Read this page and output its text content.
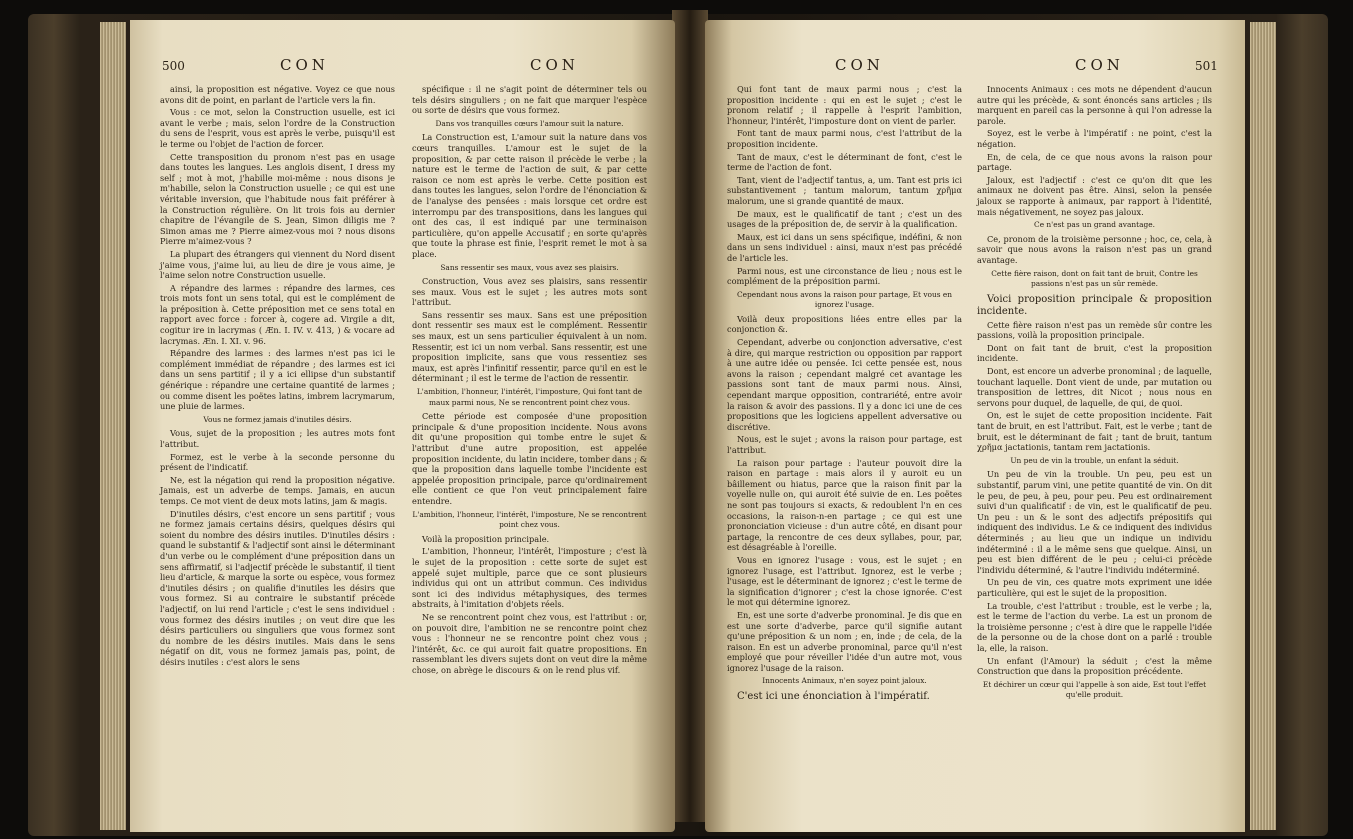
500	CON	CON

ainsi, la proposition est négative. Voyez ce que nous avons dit de point, en parlant de l'article vers la fin.

Vous : ce mot, selon la Construction usuelle, est ici avant le verbe ; mais, selon l'ordre de la Construction du sens de l'esprit, vous est après le verbe, puisqu'il est le terme ou l'objet de l'action de forcer.

Cette transposition du pronom n'est pas en usage dans toutes les langues. Les anglois disent, I dress my self ; mot à mot, j'habille moi-même : nous disons je m'habille, selon la Construction usuelle ; ce qui est une véritable inversion, que l'habitude nous fait préférer à la Construction régulière. On lit trois fois au dernier chapitre de l'évangile de S. Jean, Simon diligis me ? Simon amas me ? Pierre aimez-vous moi ? nous disons Pierre m'aimez-vous ?

La plupart des étrangers qui viennent du Nord disent j'aime vous, j'aime lui, au lieu de dire je vous aime, je l'aime selon notre Construction usuelle.

A répandre des larmes : répandre des larmes, ces trois mots font un sens total, qui est le complément de la préposition à. Cette préposition met ce sens total en rapport avec force : forcer à, cogere ad. Virgile a dit, cogitur ire in lacrymas ( Æn. I. IV. v. 413, ) & vocare ad lacrymas. Æn. I. XI. v. 96.

Répandre des larmes : des larmes n'est pas ici le complément immédiat de répandre ; des larmes est ici dans un sens partitif ; il y a ici ellipse d'un substantif générique : répandre une certaine quantité de larmes ; ou comme disent les poëtes latins, imbrem lacrymarum, une pluie de larmes.

Vous ne formez jamais d'inutiles désirs.

Vous, sujet de la proposition ; les autres mots font l'attribut.

Formez, est le verbe à la seconde personne du présent de l'indicatif.

Ne, est la négation qui rend la proposition négative. Jamais, est un adverbe de temps. Jamais, en aucun temps. Ce mot vient de deux mots latins, jam & magis.

D'inutiles désirs, c'est encore un sens partitif ; vous ne formez jamais certains désirs, quelques désirs qui soient du nombre des désirs inutiles. D'inutiles désirs : quand le substantif & l'adjectif sont ainsi le déterminant d'un verbe ou le complément d'une préposition dans un sens affirmatif, si l'adjectif précède le substantif, il tient lieu d'article, & marque la sorte ou espèce, vous formez d'inutiles désirs ; on qualifie d'inutiles les désirs que vous formez. Si au contraire le substantif précède l'adjectif, on lui rend l'article ; c'est le sens individuel : vous formez des désirs inutiles ; on veut dire que les désirs particuliers ou singuliers que vous formez sont du nombre de les désirs inutiles. Mais dans le sens négatif on dit, vous ne formez jamais pas, point, de désirs inutiles : c'est alors le sens

spécifique : il ne s'agit point de déterminer tels ou tels désirs singuliers ; on ne fait que marquer l'espèce ou sorte de désirs que vous formez.

Dans vos tranquilles cœurs l'amour suit la nature.

La Construction est, L'amour suit la nature dans vos cœurs tranquilles. L'amour est le sujet de la proposition, & par cette raison il précède le verbe ; la nature est le terme de l'action de suit, & par cette raison ce nom est après le verbe. Cette position est dans toutes les langues, selon l'ordre de l'énonciation & de l'analyse des pensées : mais lorsque cet ordre est interrompu par des transpositions, dans les langues qui ont des cas, il est indiqué par une terminaison particulière, qu'on appelle Accusatif ; en sorte qu'après que toute la phrase est finie, l'esprit remet le mot à sa place.

Sans ressentir ses maux, vous avez ses plaisirs.

Construction, Vous avez ses plaisirs, sans ressentir ses maux. Vous est le sujet ; les autres mots sont l'attribut.

Sans ressentir ses maux. Sans est une préposition dont ressentir ses maux est le complément. Ressentir ses maux, est un sens particulier équivalent à un nom. Ressentir, est ici un nom verbal. Sans ressentir, est une proposition implicite, sans que vous ressentiez ses maux, est après l'infinitif ressentir, parce qu'il en est le déterminant ; il est le terme de l'action de ressentir.

L'ambition, l'honneur, l'intérêt, l'imposture, Qui font tant de maux parmi nous, Ne se rencontrent point chez vous.

Cette période est composée d'une proposition principale & d'une proposition incidente. Nous avons dit qu'une proposition qui tombe entre le sujet & l'attribut d'une autre proposition, est appelée proposition incidente, du latin incidere, tomber dans ; & que la proposition dans laquelle tombe l'incidente est appelée proposition principale, parce qu'ordinairement elle contient ce que l'on veut principalement faire entendre.

L'ambition, l'honneur, l'intérêt, l'imposture, Ne se rencontrent point chez vous.

Voilà la proposition principale.

L'ambition, l'honneur, l'intérêt, l'imposture ; c'est là le sujet de la proposition : cette sorte de sujet est appelé sujet multiple, parce que ce sont plusieurs individus qui ont un attribut commun. Ces individus sont ici des individus métaphysiques, des termes abstraits, à l'imitation d'objets réels.

Ne se rencontrent point chez vous, est l'attribut : or, on pouvoit dire, l'ambition ne se rencontre point chez vous : l'honneur ne se rencontre point chez vous ; l'intérêt, &c. ce qui auroit fait quatre propositions. En rassemblant les divers sujets dont on veut dire la même chose, on abrège le discours & on le rend plus vif.

CON	CON	501

Qui font tant de maux parmi nous ; c'est la proposition incidente : qui en est le sujet ; c'est le pronom relatif ; il rappelle à l'esprit l'ambition, l'honneur, l'intérêt, l'imposture dont on vient de parler.

Font tant de maux parmi nous, c'est l'attribut de la proposition incidente.

Tant de maux, c'est le déterminant de font, c'est le terme de l'action de font.

Tant, vient de l'adjectif tantus, a, um. Tant est pris ici substantivement ; tantum malorum, tantum χρῆμα malorum, une si grande quantité de maux.

De maux, est le qualificatif de tant ; c'est un des usages de la préposition de, de servir à la qualification.

Maux, est ici dans un sens spécifique, indéfini, & non dans un sens individuel : ainsi, maux n'est pas précédé de l'article les.

Parmi nous, est une circonstance de lieu ; nous est le complément de la préposition parmi.

Cependant nous avons la raison pour partage, Et vous en ignorez l'usage.

Voilà deux propositions liées entre elles par la conjonction &.

Cependant, adverbe ou conjonction adversative, c'est à dire, qui marque restriction ou opposition par rapport à une autre idée ou pensée. Ici cette pensée est, nous avons la raison ; cependant malgré cet avantage les passions sont tant de maux parmi nous. Ainsi, cependant marque opposition, contrariété, entre avoir la raison & avoir des passions. Il y a donc ici une de ces propositions que les logiciens appellent adversative ou discrétive.

Nous, est le sujet ; avons la raison pour partage, est l'attribut.

La raison pour partage : l'auteur pouvoit dire la raison en partage : mais alors il y auroit eu un bâillement ou hiatus, parce que la raison finit par la voyelle nulle on, qui auroit été suivie de en. Les poëtes ne sont pas toujours si exacts, & redoublent l'n en ces occasions, la raison-n-en partage ; ce qui est une prononciation vicieuse : d'un autre côté, en disant pour partage, la rencontre de ces deux syllabes, pour, par, est désagréable à l'oreille.

Vous en ignorez l'usage : vous, est le sujet ; en ignorez l'usage, est l'attribut. Ignorez, est le verbe ; l'usage, est le déterminant de ignorez ; c'est le terme de la signification d'ignorer ; c'est la chose ignorée. C'est le mot qui détermine ignorez.

En, est une sorte d'adverbe pronominal. Je dis que en est une sorte d'adverbe, parce qu'il signifie autant qu'une préposition & un nom ; en, inde ; de cela, de la raison. En est un adverbe pronominal, parce qu'il n'est employé que pour réveiller l'idée d'un autre mot, vous ignorez l'usage de la raison.

Innocents Animaux, n'en soyez point jaloux.

C'est ici une énonciation à l'impératif.

Innocents Animaux : ces mots ne dépendent d'aucun autre qui les précède, & sont énoncés sans articles ; ils marquent en pareil cas la personne à qui l'on adresse la parole.

Soyez, est le verbe à l'impératif : ne point, c'est la négation.

En, de cela, de ce que nous avons la raison pour partage.

Jaloux, est l'adjectif : c'est ce qu'on dit que les animaux ne doivent pas être. Ainsi, selon la pensée jaloux se rapporte à animaux, par rapport à l'identité, mais négativement, ne soyez pas jaloux.

Ce n'est pas un grand avantage.

Ce, pronom de la troisième personne ; hoc, ce, cela, à savoir que nous avons la raison n'est pas un grand avantage.

Cette fière raison, dont on fait tant de bruit, Contre les passions n'est pas un sûr remède.

Voici proposition principale & proposition incidente.

Cette fière raison n'est pas un remède sûr contre les passions, voilà la proposition principale.

Dont on fait tant de bruit, c'est la proposition incidente.

Dont, est encore un adverbe pronominal ; de laquelle, touchant laquelle. Dont vient de unde, par mutation ou transposition de lettres, dit Nicot ; nous nous en servons pour duquel, de laquelle, de qui, de quoi.

On, est le sujet de cette proposition incidente. Fait tant de bruit, en est l'attribut. Fait, est le verbe ; tant de bruit, est le déterminant de fait ; tant de bruit, tantum χρῆμα jactationis, tantam rem jactationis.

Un peu de vin la trouble, un enfant la séduit.

Un peu de vin la trouble. Un peu, peu est un substantif, parum vini, une petite quantité de vin. On dit le peu, de peu, à peu, pour peu. Peu est ordinairement suivi d'un qualificatif : de vin, est le qualificatif de peu. Un peu : un & le sont des adjectifs prépositifs qui indiquent des individus. Le & ce indiquent des individus déterminés ; au lieu que un indique un individu indéterminé : il a le même sens que quelque. Ainsi, un peu est bien différent de le peu ; celui-ci précède l'individu déterminé, & l'autre l'individu indéterminé.

Un peu de vin, ces quatre mots expriment une idée particulière, qui est le sujet de la proposition.

La trouble, c'est l'attribut : trouble, est le verbe ; la, est le terme de l'action du verbe. La est un pronom de la troisième personne ; c'est à dire que le rappelle l'idée de la personne ou de la chose dont on a parlé : trouble la, elle, la raison.

Un enfant (l'Amour) la séduit ; c'est la même Construction que dans la proposition précédente.

Et déchirer un cœur qui l'appelle à son aide, Est tout l'effet qu'elle produit.
